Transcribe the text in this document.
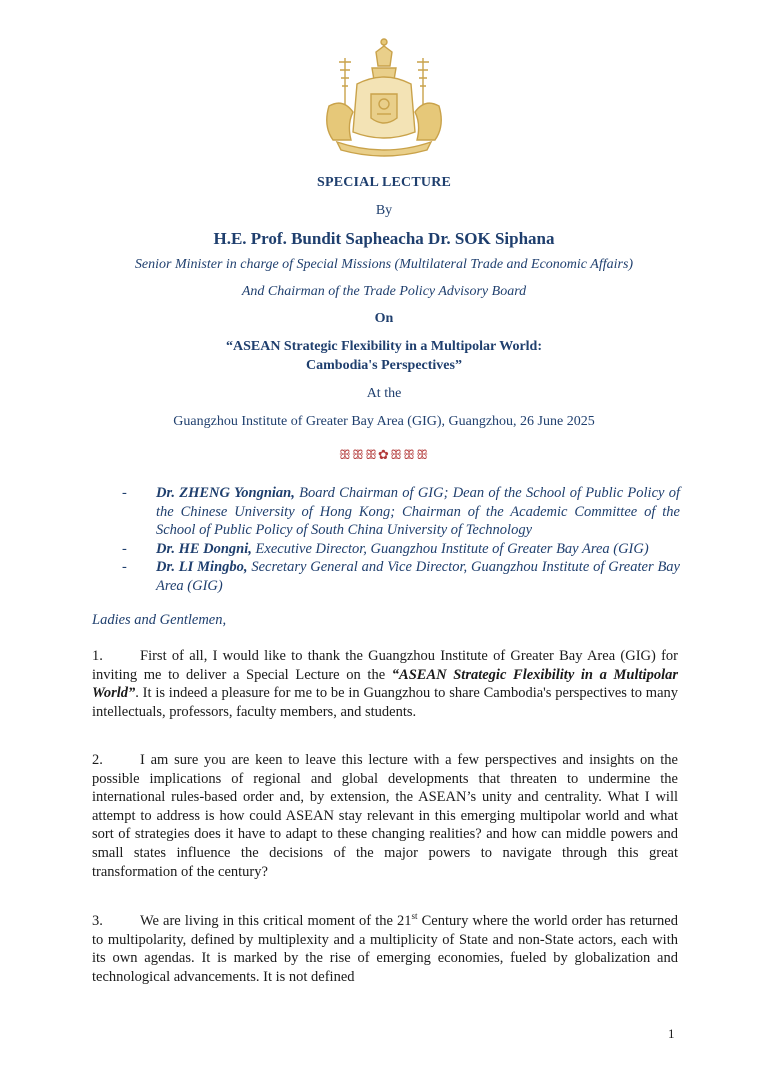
SPECIAL LECTURE
By
H.E. Prof. Bundit Sapheacha Dr. SOK Siphana
Senior Minister in charge of Special Missions (Multilateral Trade and Economic Affairs)
And Chairman of the Trade Policy Advisory Board
On
“ASEAN Strategic Flexibility in a Multipolar World:
Cambodia's Perspectives”
At the
Guangzhou Institute of Greater Bay Area (GIG), Guangzhou, 26 June 2025
ꕥꕥꕥ✿ꕥꕥꕥ
- Dr. ZHENG Yongnian, Board Chairman of GIG; Dean of the School of Public Policy of the Chinese University of Hong Kong; Chairman of the Academic Committee of the School of Public Policy of South China University of Technology
- Dr. HE Dongni, Executive Director, Guangzhou Institute of Greater Bay Area (GIG)
- Dr. LI Mingbo, Secretary General and Vice Director, Guangzhou Institute of Greater Bay Area (GIG)
Ladies and Gentlemen,

1.	First of all, I would like to thank the Guangzhou Institute of Greater Bay Area (GIG) for inviting me to deliver a Special Lecture on the “ASEAN Strategic Flexibility in a Multipolar World”. It is indeed a pleasure for me to be in Guangzhou to share Cambodia's perspectives to many intellectuals, professors, faculty members, and students.

2.	I am sure you are keen to leave this lecture with a few perspectives and insights on the possible implications of regional and global developments that threaten to undermine the international rules-based order and, by extension, the ASEAN’s unity and centrality. What I will attempt to address is how could ASEAN stay relevant in this emerging multipolar world and what sort of strategies does it have to adapt to these changing realities? and how can middle powers and small states influence the decisions of the major powers to navigate through this great transformation of the century?

3.	We are living in this critical moment of the 21st Century where the world order has returned to multipolarity, defined by multiplexity and a multiplicity of State and non-State actors, each with its own agendas. It is marked by the rise of emerging economies, fueled by globalization and technological advancements. It is not defined

1
